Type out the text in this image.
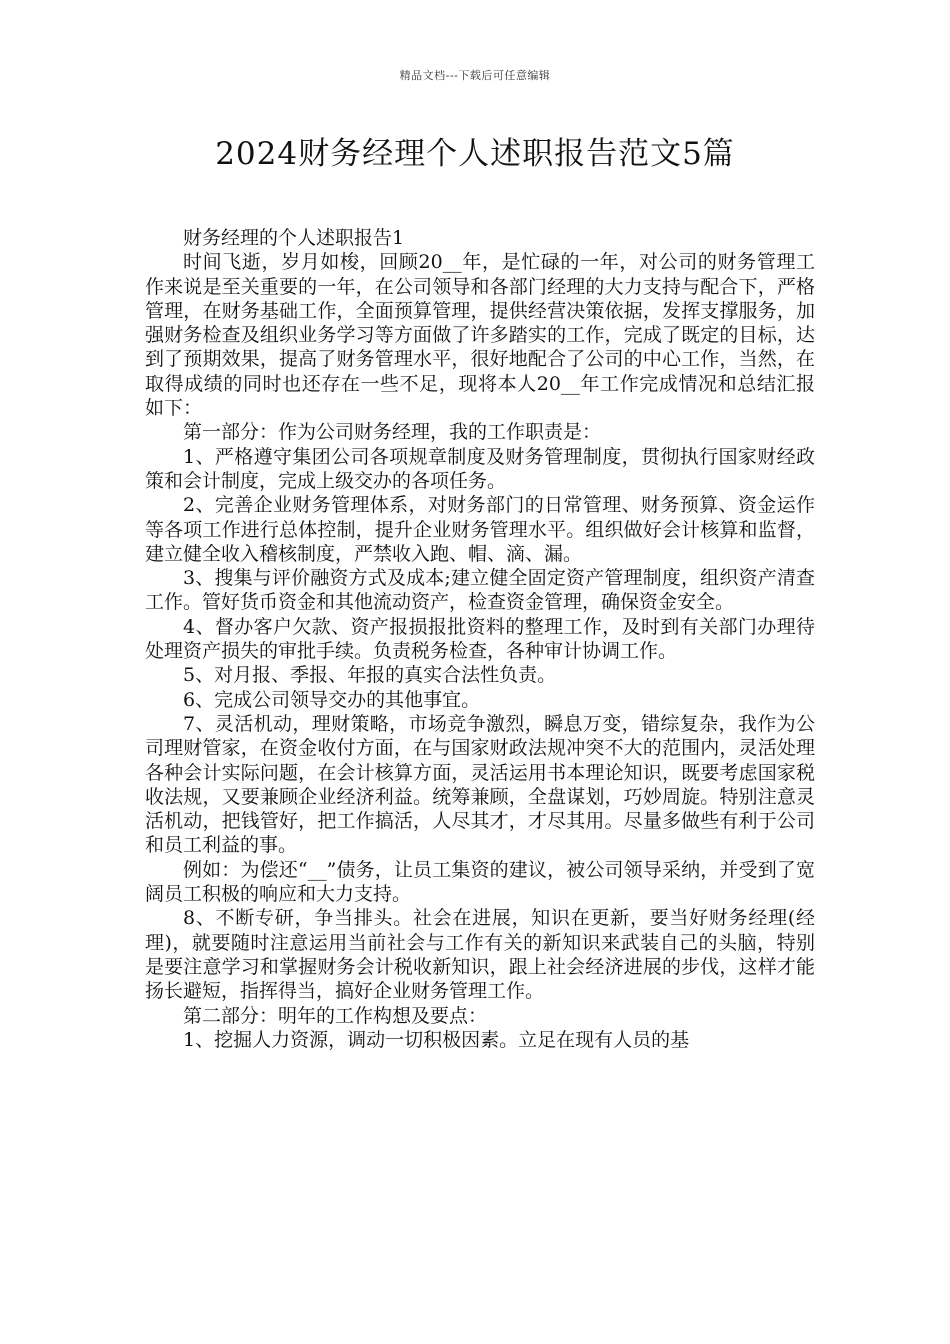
精品文档---下载后可任意编辑
2024财务经理个人述职报告范文5篇

财务经理的个人述职报告1

时间飞逝，岁月如梭，回顾20__年，是忙碌的一年，对公司的财务管理工作来说是至关重要的一年，在公司领导和各部门经理的大力支持与配合下，严格管理，在财务基础工作，全面预算管理，提供经营决策依据，发挥支撑服务，加强财务检查及组织业务学习等方面做了许多踏实的工作，完成了既定的目标，达到了预期效果，提高了财务管理水平，很好地配合了公司的中心工作，当然，在取得成绩的同时也还存在一些不足，现将本人20__年工作完成情况和总结汇报如下：

第一部分：作为公司财务经理，我的工作职责是：

1、严格遵守集团公司各项规章制度及财务管理制度，贯彻执行国家财经政策和会计制度，完成上级交办的各项任务。

2、完善企业财务管理体系，对财务部门的日常管理、财务预算、资金运作等各项工作进行总体控制，提升企业财务管理水平。组织做好会计核算和监督，建立健全收入稽核制度，严禁收入跑、帽、滴、漏。

3、搜集与评价融资方式及成本;建立健全固定资产管理制度，组织资产清查工作。管好货币资金和其他流动资产，检查资金管理，确保资金安全。

4、督办客户欠款、资产报损报批资料的整理工作，及时到有关部门办理待处理资产损失的审批手续。负责税务检查，各种审计协调工作。

5、对月报、季报、年报的真实合法性负责。

6、完成公司领导交办的其他事宜。

7、灵活机动，理财策略，市场竞争激烈，瞬息万变，错综复杂，我作为公司理财管家，在资金收付方面，在与国家财政法规冲突不大的范围内，灵活处理各种会计实际问题，在会计核算方面，灵活运用书本理论知识，既要考虑国家税收法规，又要兼顾企业经济利益。统筹兼顾，全盘谋划，巧妙周旋。特别注意灵活机动，把钱管好，把工作搞活，人尽其才，才尽其用。尽量多做些有利于公司和员工利益的事。

例如：为偿还“__”债务，让员工集资的建议，被公司领导采纳，并受到了宽阔员工积极的响应和大力支持。

8、不断专研，争当排头。社会在进展，知识在更新，要当好财务经理(经理)，就要随时注意运用当前社会与工作有关的新知识来武装自己的头脑，特别是要注意学习和掌握财务会计税收新知识，跟上社会经济进展的步伐，这样才能扬长避短，指挥得当，搞好企业财务管理工作。

第二部分：明年的工作构想及要点：

1、挖掘人力资源，调动一切积极因素。立足在现有人员的基
